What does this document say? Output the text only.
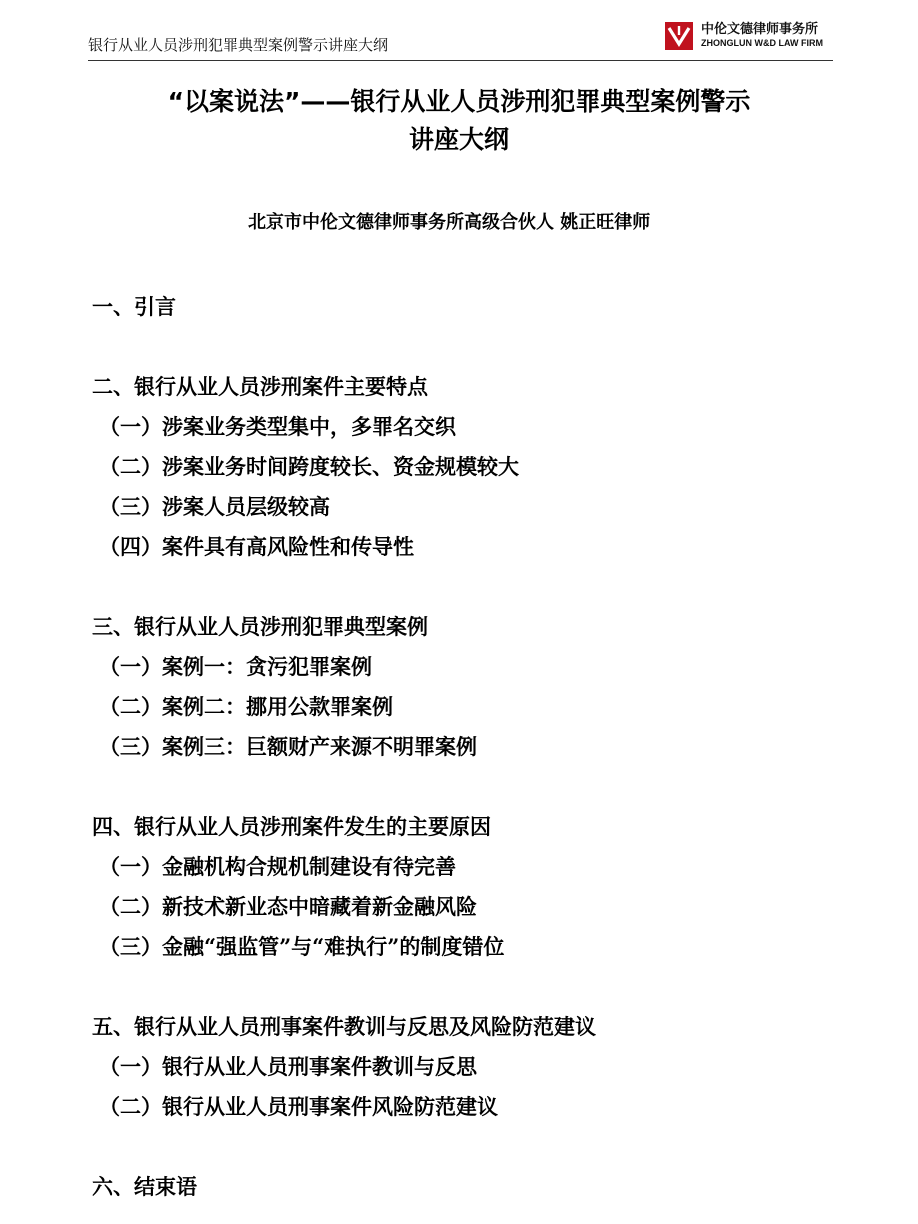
银行从业人员涉刑犯罪典型案例警示讲座大纲
中伦文德律师事务所
ZHONGLUN W&D LAW FIRM
“以案说法”——银行从业人员涉刑犯罪典型案例警示
讲座大纲
北京市中伦文德律师事务所高级合伙人 姚正旺律师
一、引言
二、银行从业人员涉刑案件主要特点
（一）涉案业务类型集中，多罪名交织
（二）涉案业务时间跨度较长、资金规模较大
（三）涉案人员层级较高
（四）案件具有高风险性和传导性
三、银行从业人员涉刑犯罪典型案例
（一）案例一：贪污犯罪案例
（二）案例二：挪用公款罪案例
（三）案例三：巨额财产来源不明罪案例
四、银行从业人员涉刑案件发生的主要原因
（一）金融机构合规机制建设有待完善
（二）新技术新业态中暗藏着新金融风险
（三）金融“强监管”与“难执行”的制度错位
五、银行从业人员刑事案件教训与反思及风险防范建议
（一）银行从业人员刑事案件教训与反思
（二）银行从业人员刑事案件风险防范建议
六、结束语
